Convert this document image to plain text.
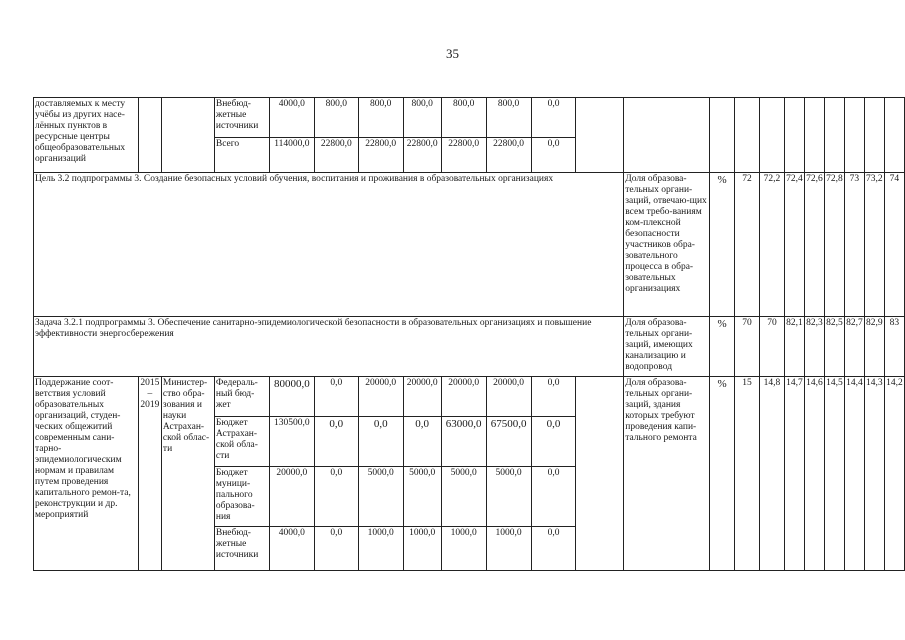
35
доставляемых к месту учёбы из других насе-лённых пунктов в ресурсные центры общеобразовательных организаций			Внебюд-жетные источники	4000,0	800,0	800,0	800,0	800,0	800,0	0,0											
			Всего	114000,0	22800,0	22800,0	22800,0	22800,0	22800,0	0,0											
Цель 3.2 подпрограммы 3. Создание безопасных условий обучения, воспитания и проживания в образовательных организациях												Доля образова-тельных органи-заций, отвечаю-щих всем требо-ваниям ком-плексной безопасности участников обра-зовательного процесса в обра-зовательных организациях	%	72	72,2	72,4	72,6	72,8	73	73,2	74
Задача 3.2.1 подпрограммы 3. Обеспечение санитарно-эпидемиологической безопасности в образовательных организациях и повышение эффективности энергосбережения												Доля образова-тельных органи-заций, имеющих канализацию и водопровод	%	70	70	82,1	82,3	82,5	82,7	82,9	83
Поддержание соот-ветствия условий образовательных организаций, студен-ческих общежитий современным сани-тарно-эпидемиологическим нормам и правилам путем проведения капитального ремон-та, реконструкции и др. мероприятий	2015 – 2019	Министер-ство обра-зования и науки Астрахан-ской облас-ти	Федераль-ный бюд-жет	80000,0	0,0	20000,0	20000,0	20000,0	20000,0	0,0		Доля образова-тельных органи-заций, здания которых требуют проведения капи-тального ремонта	%	15	14,8	14,7	14,6	14,5	14,4	14,3	14,2
			Бюджет Астрахан-ской обла-сти	130500,0	0,0	0,0	0,0	63000,0	67500,0	0,0											
			Бюджет муници-пального образова-ния	20000,0	0,0	5000,0	5000,0	5000,0	5000,0	0,0											
			Внебюд-жетные источники	4000,0	0,0	1000,0	1000,0	1000,0	1000,0	0,0											
